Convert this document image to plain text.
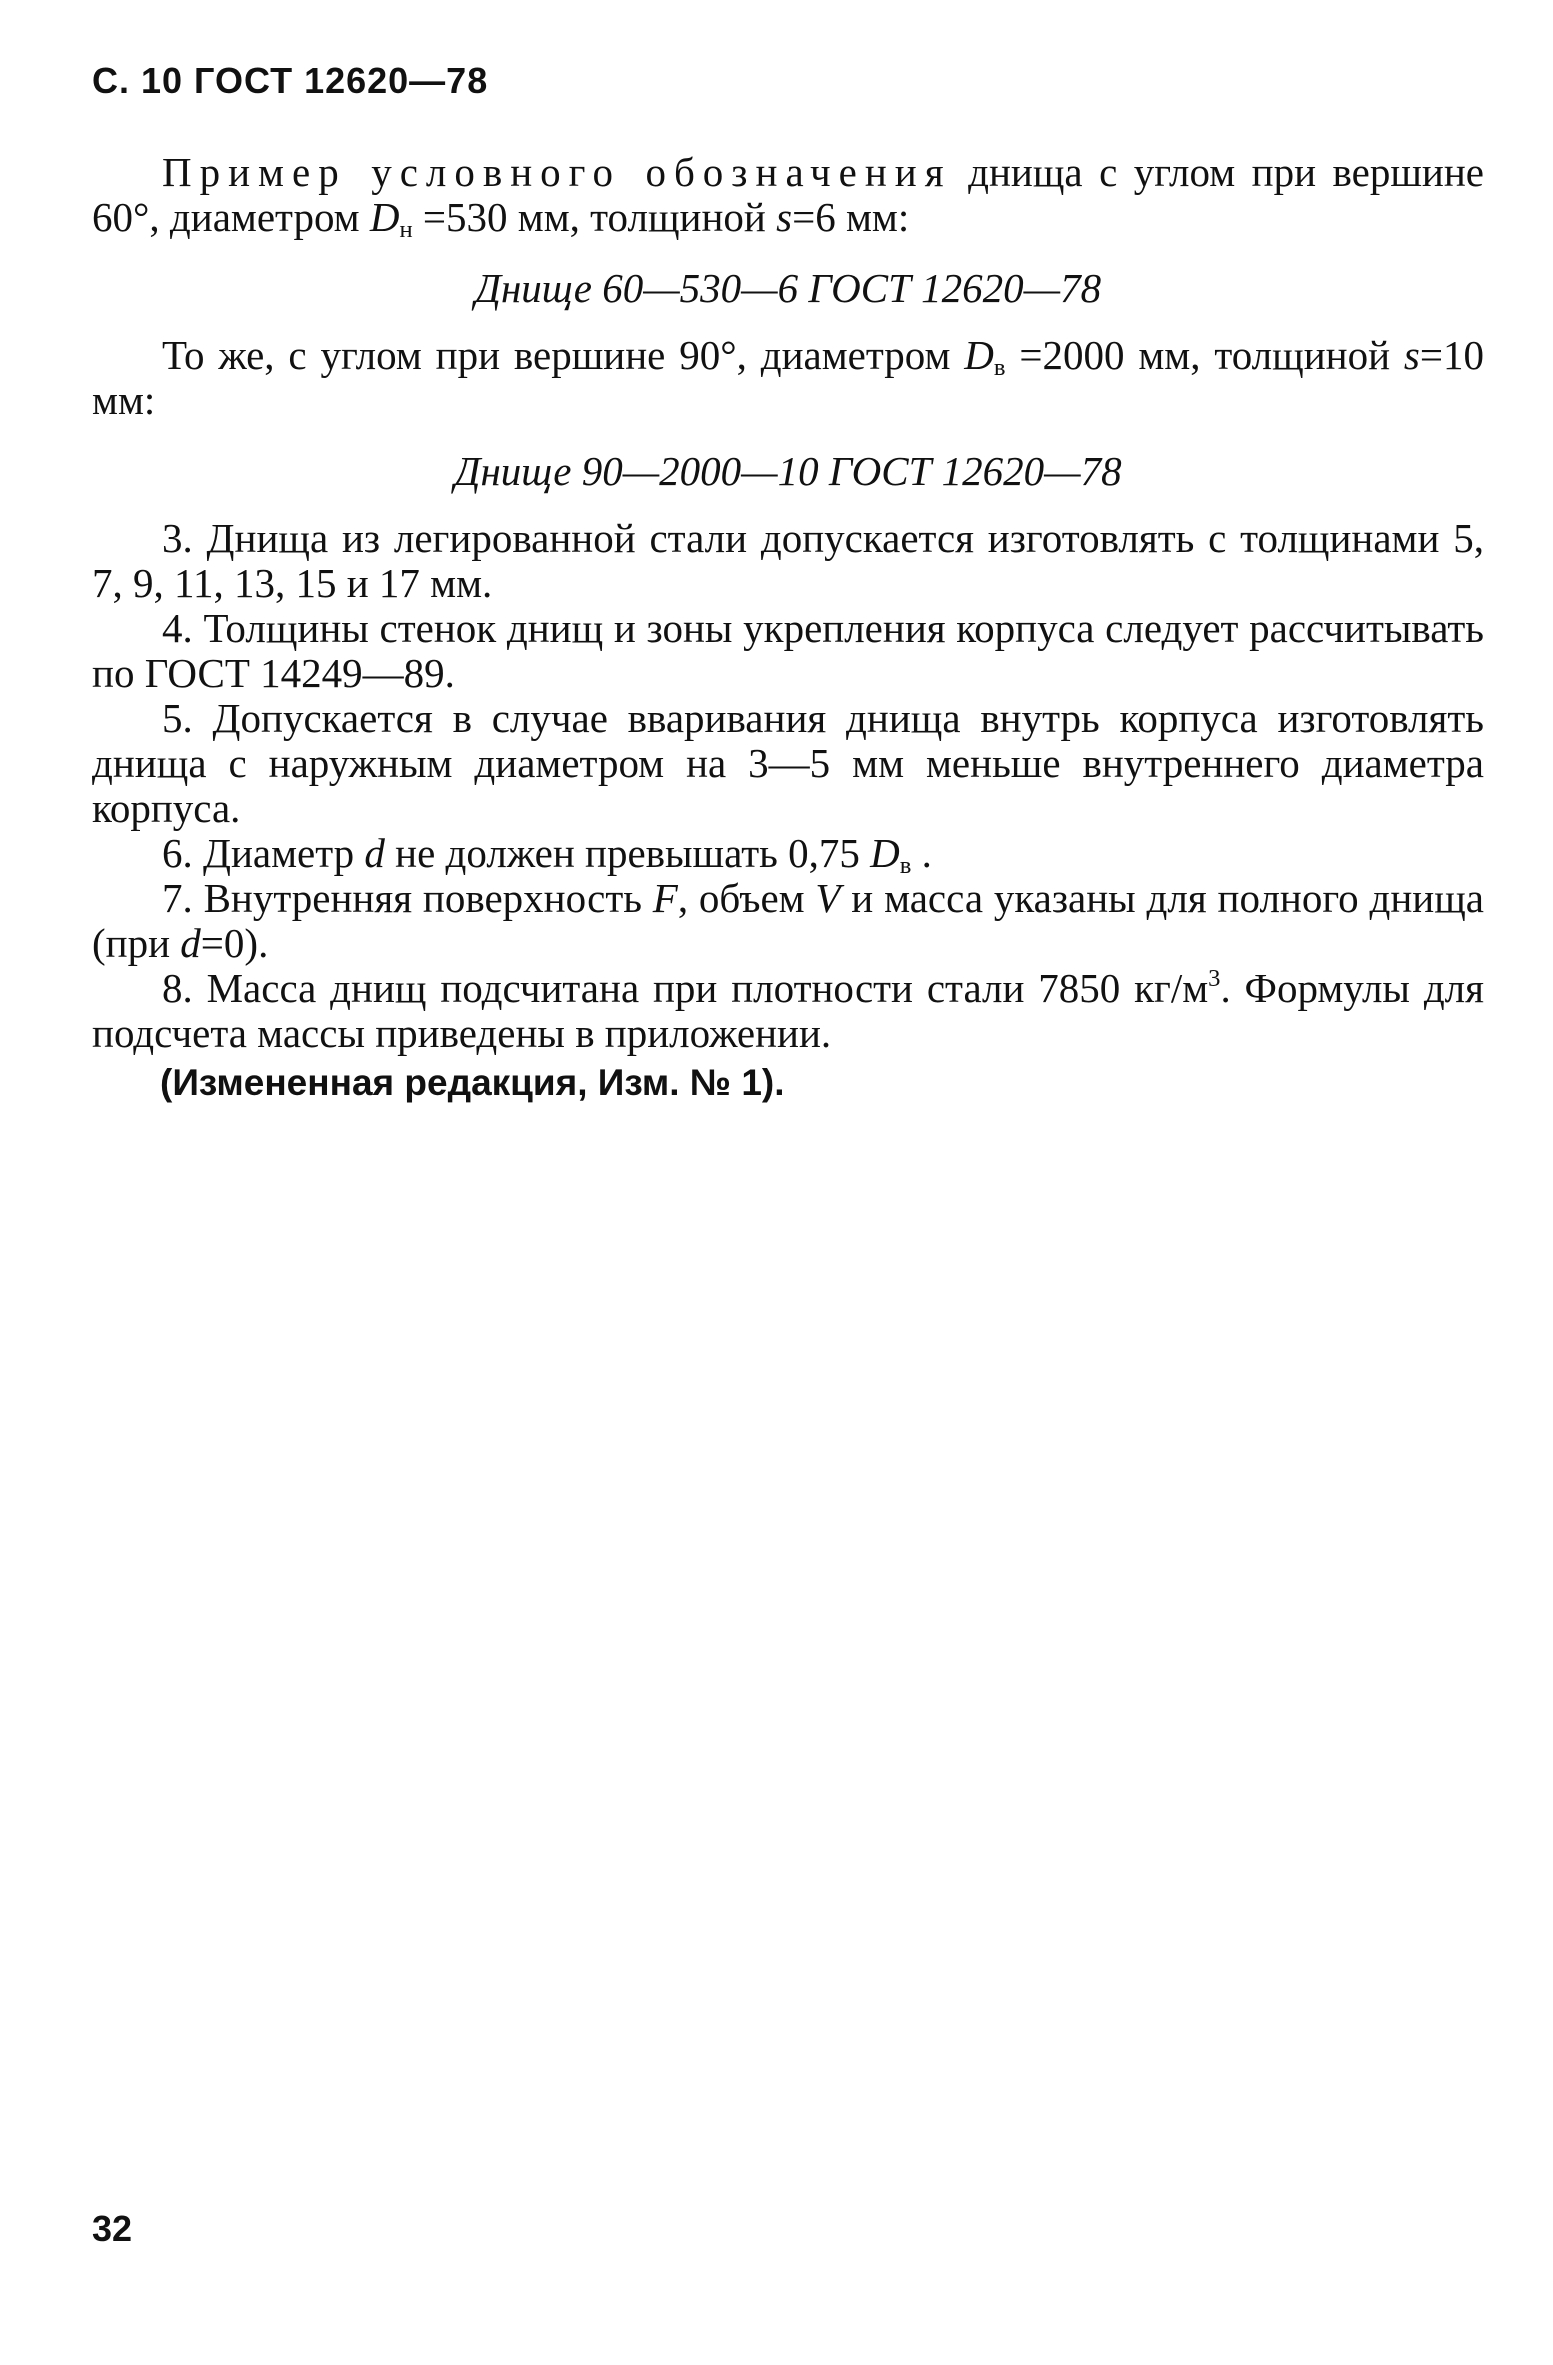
С. 10 ГОСТ 12620—78

Пример условного обозначения днища с углом при вершине 60°, диаметром $D_н =530$ мм, толщиной s=6 мм:

Днище 60—530—6 ГОСТ 12620—78

То же, с углом при вершине 90°, диаметром $D_в =2000$ мм, толщиной s=10 мм:

Днище 90—2000—10 ГОСТ 12620—78

3. Днища из легированной стали допускается изготовлять с толщинами 5, 7, 9, 11, 13, 15 и 17 мм.

4. Толщины стенок днищ и зоны укрепления корпуса следует рассчитывать по ГОСТ 14249—89.

5. Допускается в случае вваривания днища внутрь корпуса изготовлять днища с наружным диаметром на 3—5 мм меньше внутреннего диаметра корпуса.

6. Диаметр d не должен превышать 0,75 $D_в$ .

7. Внутренняя поверхность F, объем V и масса указаны для полного днища (при d=0).

8. Масса днищ подсчитана при плотности стали 7850 $кг/м^3$. Формулы для подсчета массы приведены в приложении.

(Измененная редакция, Изм. № 1).

32
